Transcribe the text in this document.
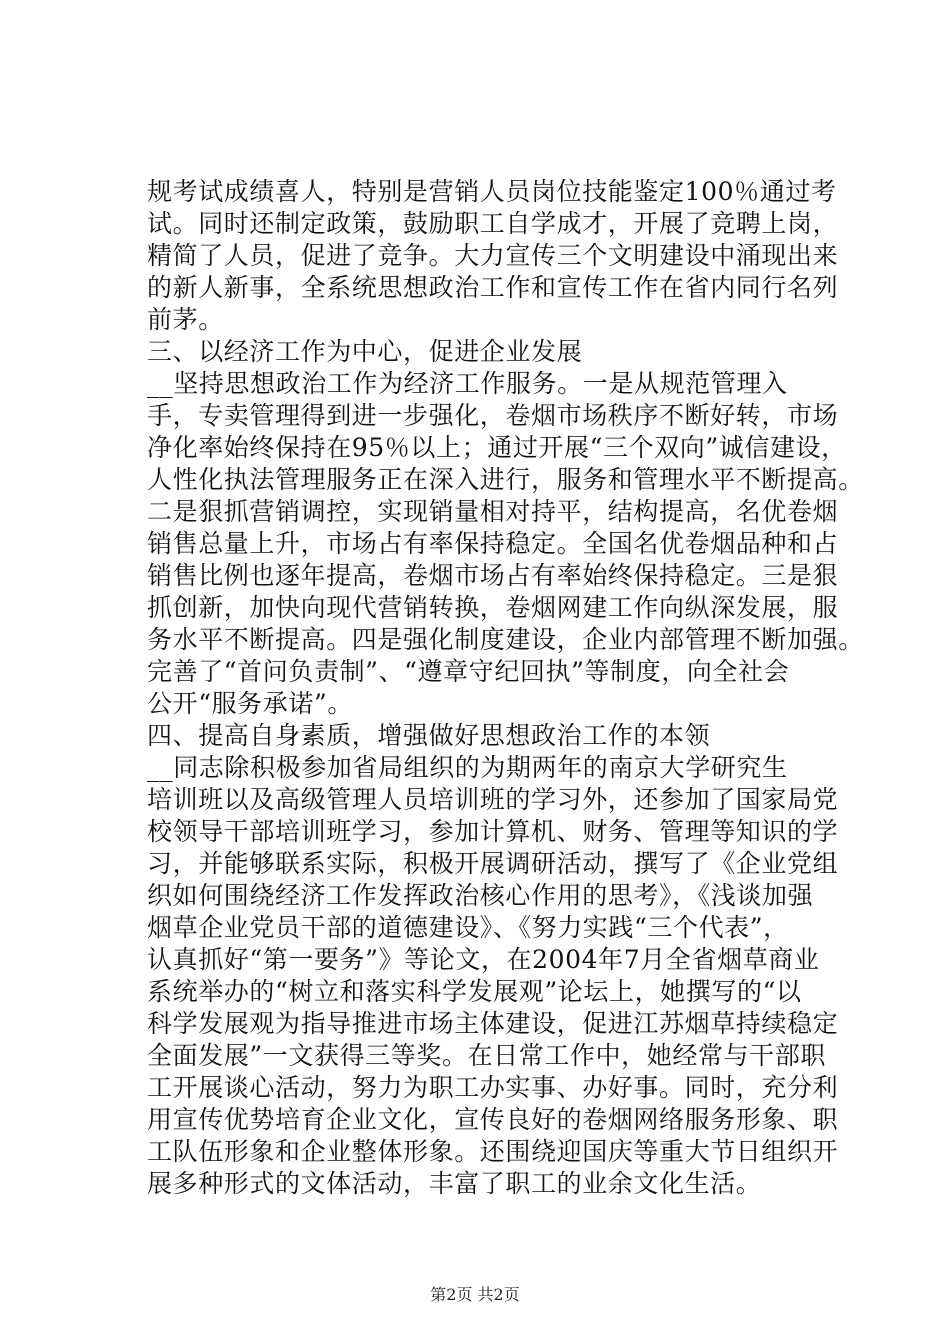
规考试成绩喜人，特别是营销人员岗位技能鉴定100％通过考
试。同时还制定政策，鼓励职工自学成才，开展了竞聘上岗，
精简了人员，促进了竞争。大力宣传三个文明建设中涌现出来
的新人新事，全系统思想政治工作和宣传工作在省内同行名列
前茅。
三、以经济工作为中心，促进企业发展
__坚持思想政治工作为经济工作服务。一是从规范管理入
手，专卖管理得到进一步强化，卷烟市场秩序不断好转，市场
净化率始终保持在95％以上；通过开展“三个双向”诚信建设，
人性化执法管理服务正在深入进行，服务和管理水平不断提高。
二是狠抓营销调控，实现销量相对持平，结构提高，名优卷烟
销售总量上升，市场占有率保持稳定。全国名优卷烟品种和占
销售比例也逐年提高，卷烟市场占有率始终保持稳定。三是狠
抓创新，加快向现代营销转换，卷烟网建工作向纵深发展，服
务水平不断提高。四是强化制度建设，企业内部管理不断加强。
完善了“首问负责制”、“遵章守纪回执”等制度，向全社会
公开“服务承诺”。
四、提高自身素质，增强做好思想政治工作的本领
__同志除积极参加省局组织的为期两年的南京大学研究生
培训班以及高级管理人员培训班的学习外，还参加了国家局党
校领导干部培训班学习，参加计算机、财务、管理等知识的学
习，并能够联系实际，积极开展调研活动，撰写了《企业党组
织如何围绕经济工作发挥政治核心作用的思考》，《浅谈加强
烟草企业党员干部的道德建设》、《努力实践“三个代表”，
认真抓好“第一要务”》等论文，在2004年7月全省烟草商业
系统举办的“树立和落实科学发展观”论坛上，她撰写的“以
科学发展观为指导推进市场主体建设，促进江苏烟草持续稳定
全面发展”一文获得三等奖。在日常工作中，她经常与干部职
工开展谈心活动，努力为职工办实事、办好事。同时，充分利
用宣传优势培育企业文化，宣传良好的卷烟网络服务形象、职
工队伍形象和企业整体形象。还围绕迎国庆等重大节日组织开
展多种形式的文体活动，丰富了职工的业余文化生活。
第2页 共2页
